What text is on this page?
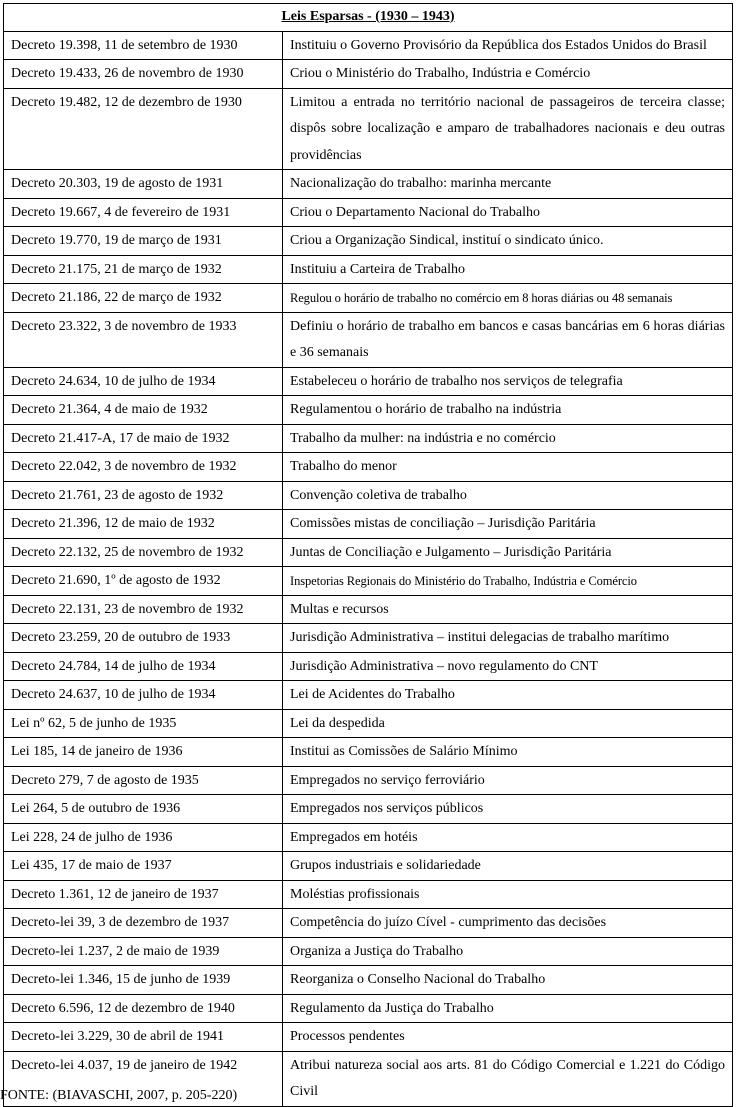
Leis Esparsas - (1930 – 1943)	
Decreto 19.398, 11 de setembro de 1930	Instituiu o Governo Provisório da República dos Estados Unidos do Brasil
Decreto 19.433, 26 de novembro de 1930	Criou o Ministério do Trabalho, Indústria e Comércio
Decreto 19.482, 12 de dezembro de 1930	Limitou a entrada no território nacional de passageiros de terceira classe; dispôs sobre localização e amparo de trabalhadores nacionais e deu outras providências
Decreto 20.303, 19 de agosto de 1931	Nacionalização do trabalho: marinha mercante
Decreto 19.667, 4 de fevereiro de 1931	Criou o Departamento Nacional do Trabalho
Decreto 19.770, 19 de março de 1931	Criou a Organização Sindical, instituí o sindicato único.
Decreto 21.175, 21 de março de 1932	Instituiu a Carteira de Trabalho
Decreto 21.186, 22 de março de 1932	Regulou o horário de trabalho no comércio em 8 horas diárias ou 48 semanais
Decreto 23.322, 3 de novembro de 1933	Definiu o horário de trabalho em bancos e casas bancárias em 6 horas diárias e 36 semanais
Decreto 24.634, 10 de julho de 1934	Estabeleceu o horário de trabalho nos serviços de telegrafia
Decreto 21.364, 4 de maio de 1932	Regulamentou o horário de trabalho na indústria
Decreto 21.417-A, 17 de maio de 1932	Trabalho da mulher: na indústria e no comércio
Decreto 22.042, 3 de novembro de 1932	Trabalho do menor
Decreto 21.761, 23 de agosto de 1932	Convenção coletiva de trabalho
Decreto 21.396, 12 de maio de 1932	Comissões mistas de conciliação – Jurisdição Paritária
Decreto 22.132, 25 de novembro de 1932	Juntas de Conciliação e Julgamento – Jurisdição Paritária
Decreto 21.690, 1º de agosto de 1932	Inspetorias Regionais do Ministério do Trabalho, Indústria e Comércio
Decreto 22.131, 23 de novembro de 1932	Multas e recursos
Decreto 23.259, 20 de outubro de 1933	Jurisdição Administrativa – institui delegacias de trabalho marítimo
Decreto 24.784, 14 de julho de 1934	Jurisdição Administrativa – novo regulamento do CNT
Decreto 24.637, 10 de julho de 1934	Lei de Acidentes do Trabalho
Lei nº 62, 5 de junho de 1935	Lei da despedida
Lei 185, 14 de janeiro de 1936	Institui as Comissões de Salário Mínimo
Decreto 279, 7 de agosto de 1935	Empregados no serviço ferroviário
Lei 264, 5 de outubro de 1936	Empregados nos serviços públicos
Lei 228, 24 de julho de 1936	Empregados em hotéis
Lei 435, 17 de maio de 1937	Grupos industriais e solidariedade
Decreto 1.361, 12 de janeiro de 1937	Moléstias profissionais
Decreto-lei 39, 3 de dezembro de 1937	Competência do juízo Cível - cumprimento das decisões
Decreto-lei 1.237, 2 de maio de 1939	Organiza a Justiça do Trabalho
Decreto-lei 1.346, 15 de junho de 1939	Reorganiza o Conselho Nacional do Trabalho
Decreto 6.596, 12 de dezembro de 1940	Regulamento da Justiça do Trabalho
Decreto-lei 3.229, 30 de abril de 1941	Processos pendentes
Decreto-lei 4.037, 19 de janeiro de 1942	Atribui natureza social aos arts. 81 do Código Comercial e 1.221 do Código Civil
FONTE: (BIAVASCHI, 2007, p. 205-220)
